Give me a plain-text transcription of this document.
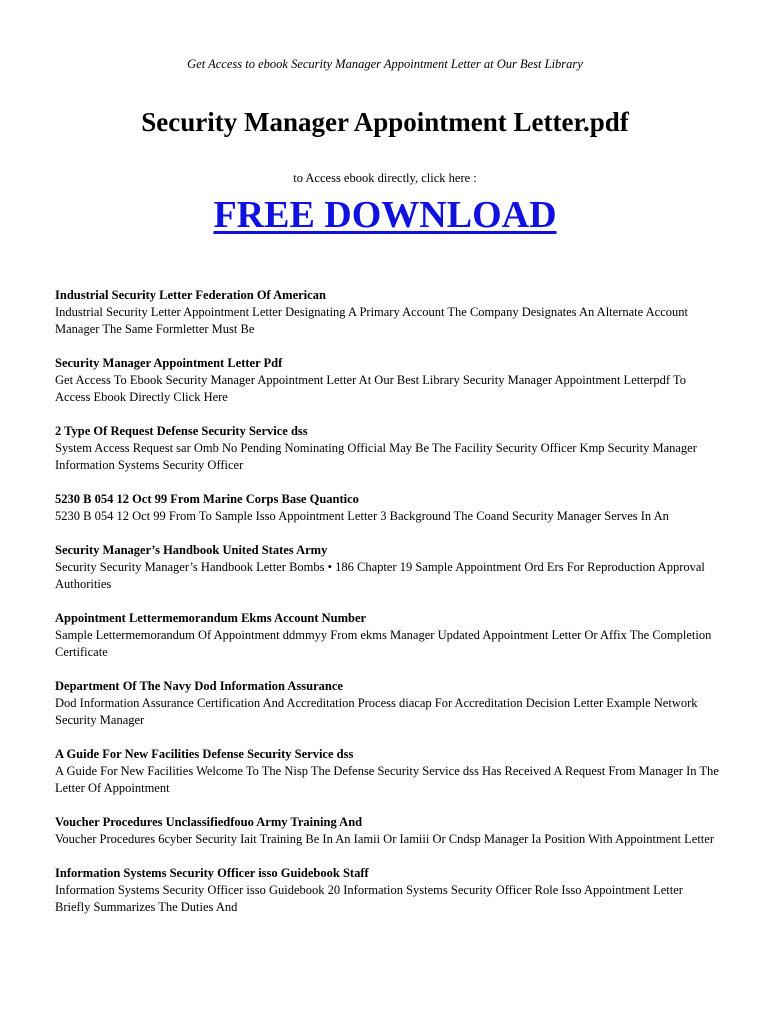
Get Access to ebook Security Manager Appointment Letter at Our Best Library
Security Manager Appointment Letter.pdf
to Access ebook directly, click here :
FREE DOWNLOAD
Industrial Security Letter Federation Of American
Industrial Security Letter Appointment Letter Designating A Primary Account The Company Designates An Alternate Account Manager The Same Formletter Must Be
Security Manager Appointment Letter Pdf
Get Access To Ebook Security Manager Appointment Letter At Our Best Library Security Manager Appointment Letterpdf To Access Ebook Directly Click Here
2 Type Of Request Defense Security Service dss
System Access Request sar Omb No Pending Nominating Official May Be The Facility Security Officer Kmp Security Manager Information Systems Security Officer
5230 B 054 12 Oct 99 From Marine Corps Base Quantico
5230 B 054 12 Oct 99 From To Sample Isso Appointment Letter 3 Background The Coand Security Manager Serves In An
Security Manager’s Handbook United States Army
Security Security Manager’s Handbook Letter Bombs • 186 Chapter 19 Sample Appointment Ord Ers For Reproduction Approval Authorities
Appointment Lettermemorandum Ekms Account Number
Sample Lettermemorandum Of Appointment ddmmyy From ekms Manager Updated Appointment Letter Or Affix The Completion Certificate
Department Of The Navy Dod Information Assurance
Dod Information Assurance Certification And Accreditation Process diacap For Accreditation Decision Letter Example Network Security Manager
A Guide For New Facilities Defense Security Service dss
A Guide For New Facilities Welcome To The Nisp The Defense Security Service dss Has Received A Request From Manager In The Letter Of Appointment
Voucher Procedures Unclassifiedfouo Army Training And
Voucher Procedures 6cyber Security Iait Training Be In An Iamii Or Iamiii Or Cndsp Manager Ia Position With Appointment Letter
Information Systems Security Officer isso Guidebook Staff
Information Systems Security Officer isso Guidebook 20 Information Systems Security Officer Role Isso Appointment Letter Briefly Summarizes The Duties And
